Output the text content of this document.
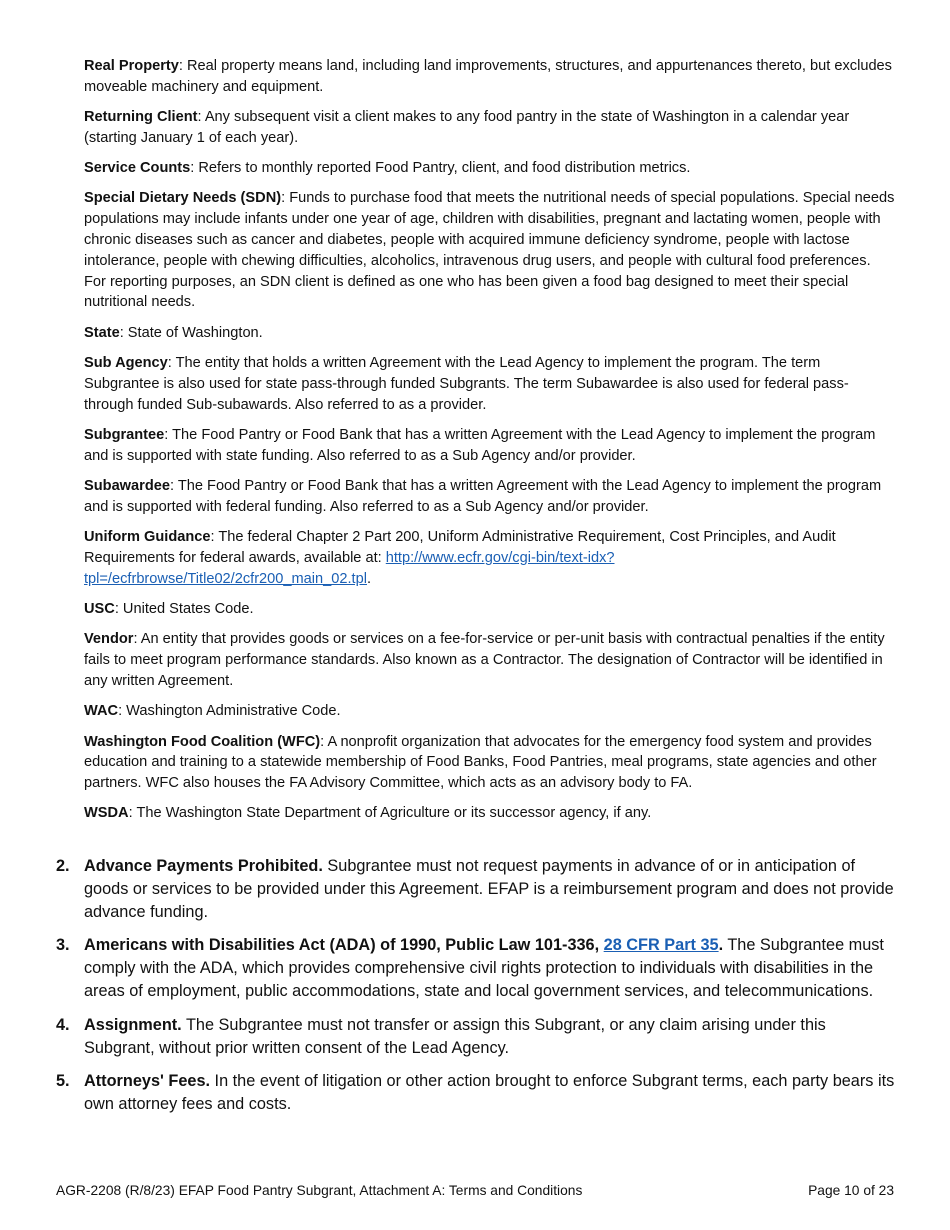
Real Property: Real property means land, including land improvements, structures, and appurtenances thereto, but excludes moveable machinery and equipment.

Returning Client: Any subsequent visit a client makes to any food pantry in the state of Washington in a calendar year (starting January 1 of each year).

Service Counts: Refers to monthly reported Food Pantry, client, and food distribution metrics.

Special Dietary Needs (SDN): Funds to purchase food that meets the nutritional needs of special populations. Special needs populations may include infants under one year of age, children with disabilities, pregnant and lactating women, people with chronic diseases such as cancer and diabetes, people with acquired immune deficiency syndrome, people with lactose intolerance, people with chewing difficulties, alcoholics, intravenous drug users, and people with cultural food preferences. For reporting purposes, an SDN client is defined as one who has been given a food bag designed to meet their special nutritional needs.

State: State of Washington.

Sub Agency: The entity that holds a written Agreement with the Lead Agency to implement the program. The term Subgrantee is also used for state pass-through funded Subgrants. The term Subawardee is also used for federal pass-through funded Sub-subawards. Also referred to as a provider.

Subgrantee: The Food Pantry or Food Bank that has a written Agreement with the Lead Agency to implement the program and is supported with state funding. Also referred to as a Sub Agency and/or provider.

Subawardee: The Food Pantry or Food Bank that has a written Agreement with the Lead Agency to implement the program and is supported with federal funding. Also referred to as a Sub Agency and/or provider.

Uniform Guidance: The federal Chapter 2 Part 200, Uniform Administrative Requirement, Cost Principles, and Audit Requirements for federal awards, available at: http://www.ecfr.gov/cgi-bin/text-idx?tpl=/ecfrbrowse/Title02/2cfr200_main_02.tpl.

USC: United States Code.

Vendor: An entity that provides goods or services on a fee-for-service or per-unit basis with contractual penalties if the entity fails to meet program performance standards. Also known as a Contractor. The designation of Contractor will be identified in any written Agreement.

WAC: Washington Administrative Code.

Washington Food Coalition (WFC): A nonprofit organization that advocates for the emergency food system and provides education and training to a statewide membership of Food Banks, Food Pantries, meal programs, state agencies and other partners. WFC also houses the FA Advisory Committee, which acts as an advisory body to FA.

WSDA: The Washington State Department of Agriculture or its successor agency, if any.

2. Advance Payments Prohibited. Subgrantee must not request payments in advance of or in anticipation of goods or services to be provided under this Agreement. EFAP is a reimbursement program and does not provide advance funding.
3. Americans with Disabilities Act (ADA) of 1990, Public Law 101-336, 28 CFR Part 35. The Subgrantee must comply with the ADA, which provides comprehensive civil rights protection to individuals with disabilities in the areas of employment, public accommodations, state and local government services, and telecommunications.
4. Assignment. The Subgrantee must not transfer or assign this Subgrant, or any claim arising under this Subgrant, without prior written consent of the Lead Agency.
5. Attorneys' Fees. In the event of litigation or other action brought to enforce Subgrant terms, each party bears its own attorney fees and costs.
AGR-2208 (R/8/23) EFAP Food Pantry Subgrant, Attachment A: Terms and Conditions	Page 10 of 23
